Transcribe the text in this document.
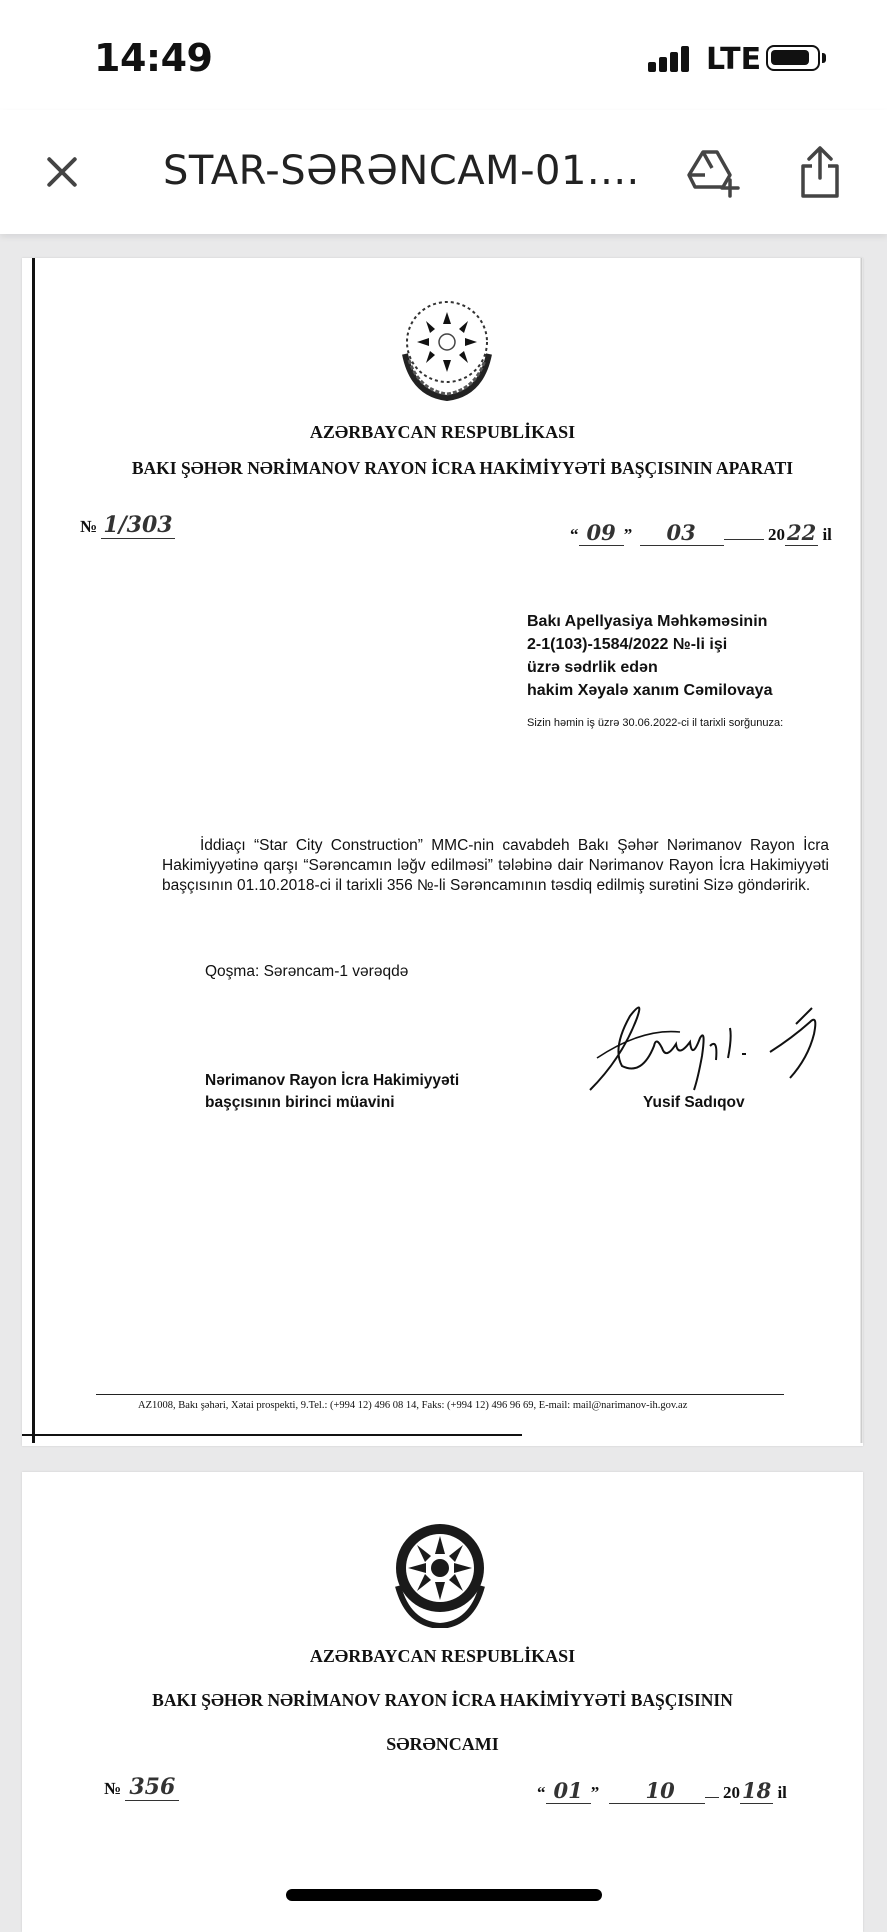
14:49	LTE
STAR-SƏRƏNCAM-01....
AZƏRBAYCAN RESPUBLİKASI
BAKI ŞƏHƏR NƏRİMANOV RAYON İCRA HAKİMİYYƏTİ BAŞÇISININ APARATI
№ 1/303	“ 09 ” 03	2022 il
Bakı Apellyasiya Məhkəməsinin
2-1(103)-1584/2022 №-li işi
üzrə sədrlik edən
hakim Xəyalə xanım Cəmilovaya
Sizin həmin iş üzrə 30.06.2022-ci il tarixli sorğunuza:
İddiaçı “Star City Construction” MMC-nin cavabdeh Bakı Şəhər Nərimanov Rayon İcra Hakimiyyətinə qarşı “Sərəncamın ləğv edilməsi” tələbinə dair Nərimanov Rayon İcra Hakimiyyəti başçısının 01.10.2018-ci il tarixli 356 №-li Sərəncamının təsdiq edilmiş surətini Sizə göndəririk.
Qoşma: Sərəncam-1 vərəqdə
Nərimanov Rayon İcra Hakimiyyəti
başçısının birinci müavini	Yusif Sadıqov
AZ1008, Bakı şəhəri, Xətai prospekti, 9.Tel.: (+994 12) 496 08 14, Faks: (+994 12) 496 96 69, E-mail: mail@narimanov-ih.gov.az
AZƏRBAYCAN RESPUBLİKASI
BAKI ŞƏHƏR NƏRİMANOV RAYON İCRA HAKİMİYYƏTİ BAŞÇISININ
SƏRƏNCAMI
№ 356	“ 01 ” 10	2018 il
